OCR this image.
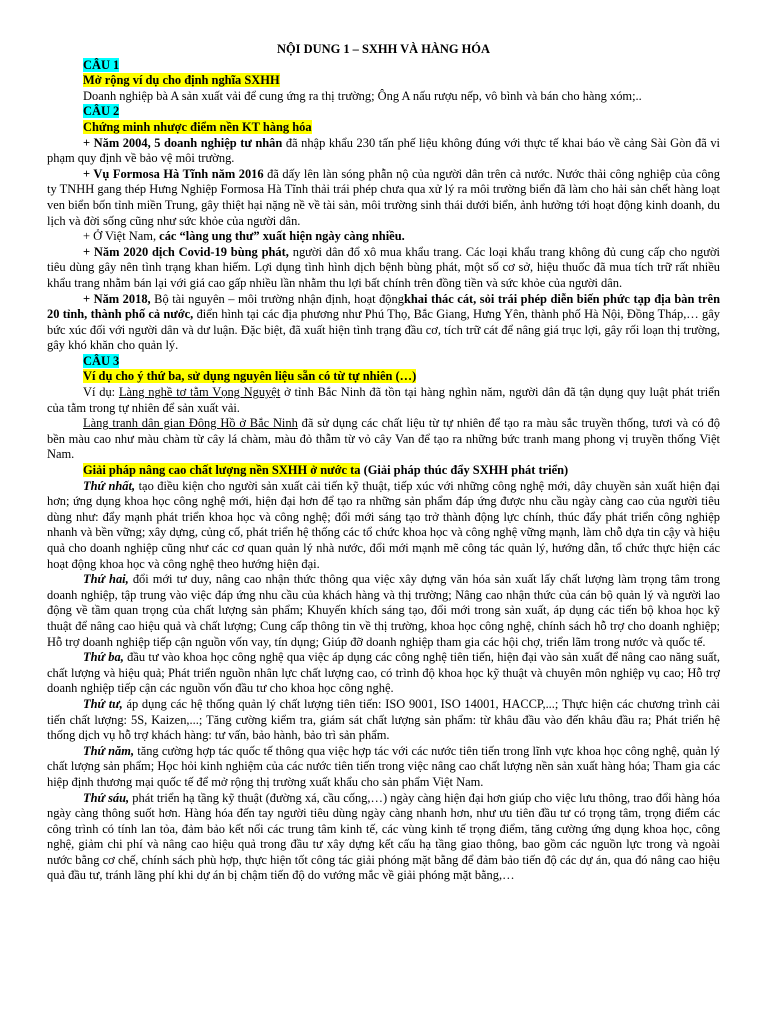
NỘI DUNG 1 – SXHH VÀ HÀNG HÓA

CÂU 1

Mở rộng ví dụ cho định nghĩa SXHH

Doanh nghiệp bà A sản xuất vải để cung ứng ra thị trường; Ông A nấu rượu nếp, vô bình và bán cho hàng xóm;..

CÂU 2

Chứng minh nhược điểm nền KT hàng hóa

+ Năm 2004, 5 doanh nghiệp tư nhân đã nhập khẩu 230 tấn phế liệu không đúng với thực tế khai báo về cảng Sài Gòn đã vi phạm quy định về bảo vệ môi trường.

+ Vụ Formosa Hà Tĩnh năm 2016 đã dấy lên làn sóng phẫn nộ của người dân trên cả nước. Nước thải công nghiệp của công ty TNHH gang thép Hưng Nghiệp Formosa Hà Tĩnh thải trái phép chưa qua xử lý ra môi trường biển đã làm cho hải sản chết hàng loạt ven biển bốn tỉnh miền Trung, gây thiệt hại nặng nề về tài sản, môi trường sinh thái dưới biển, ảnh hưởng tới hoạt động kinh doanh, du lịch và đời sống cũng như sức khỏe của người dân.

+ Ở Việt Nam, các “làng ung thư” xuất hiện ngày càng nhiều.

+ Năm 2020 dịch Covid-19 bùng phát, người dân đổ xô mua khẩu trang. Các loại khẩu trang không đủ cung cấp cho người tiêu dùng gây nên tình trạng khan hiếm. Lợi dụng tình hình dịch bệnh bùng phát, một số cơ sở, hiệu thuốc đã mua tích trữ rất nhiều khẩu trang nhằm bán lại với giá cao gấp nhiều lần nhằm thu lợi bất chính trên đồng tiền và sức khỏe của người dân.

+ Năm 2018, Bộ tài nguyên – môi trường nhận định, hoạt độngkhai thác cát, sỏi trái phép diễn biến phức tạp địa bàn trên 20 tỉnh, thành phố cả nước, điển hình tại các địa phương như Phú Thọ, Bắc Giang, Hưng Yên, thành phố Hà Nội, Đồng Tháp,… gây bức xúc đối với người dân và dư luận. Đặc biệt, đã xuất hiện tình trạng đầu cơ, tích trữ cát để nâng giá trục lợi, gây rối loạn thị trường, gây khó khăn cho quản lý.

CÂU 3

Ví dụ cho ý thứ ba, sử dụng nguyên liệu sẵn có từ tự nhiên (…)

Ví dụ: Làng nghề tơ tằm Vọng Nguyệt ở tỉnh Bắc Ninh đã tồn tại hàng nghìn năm, người dân đã tận dụng quy luật phát triển của tằm trong tự nhiên để sản xuất vải.

Làng tranh dân gian Đông Hồ ở Bắc Ninh đã sử dụng các chất liệu từ tự nhiên để tạo ra màu sắc truyền thống, tươi và có độ bền màu cao như màu chàm từ cây lá chàm, màu đỏ thẫm từ vỏ cây Van để tạo ra những bức tranh mang phong vị truyền thống Việt Nam.

Giải pháp nâng cao chất lượng nền SXHH ở nước ta (Giải pháp thúc đẩy SXHH phát triển)

Thứ nhất, tạo điều kiện cho người sản xuất cải tiến kỹ thuật, tiếp xúc với những công nghệ mới, dây chuyền sản xuất hiện đại hơn; ứng dụng khoa học công nghệ mới, hiện đại hơn để tạo ra những sản phẩm đáp ứng được nhu cầu ngày càng cao của người tiêu dùng như: đẩy mạnh phát triển khoa học và công nghệ; đổi mới sáng tạo trở thành động lực chính, thúc đẩy phát triển công nghiệp nhanh và bền vững; xây dựng, củng cố, phát triển hệ thống các tổ chức khoa học và công nghệ vững mạnh, làm chỗ dựa tin cậy và hiệu quả cho doanh nghiệp cũng như các cơ quan quản lý nhà nước, đổi mới mạnh mẽ công tác quản lý, hướng dẫn, tổ chức thực hiện các hoạt động khoa học và công nghệ theo hướng hiện đại.

Thứ hai, đổi mới tư duy, nâng cao nhận thức thông qua việc xây dựng văn hóa sản xuất lấy chất lượng làm trọng tâm trong doanh nghiệp, tập trung vào việc đáp ứng nhu cầu của khách hàng và thị trường; Nâng cao nhận thức của cán bộ quản lý và người lao động về tầm quan trọng của chất lượng sản phẩm; Khuyến khích sáng tạo, đổi mới trong sản xuất, áp dụng các tiến bộ khoa học kỹ thuật để nâng cao hiệu quả và chất lượng; Cung cấp thông tin về thị trường, khoa học công nghệ, chính sách hỗ trợ cho doanh nghiệp; Hỗ trợ doanh nghiệp tiếp cận nguồn vốn vay, tín dụng; Giúp đỡ doanh nghiệp tham gia các hội chợ, triển lãm trong nước và quốc tế.

Thứ ba, đầu tư vào khoa học công nghệ qua việc áp dụng các công nghệ tiên tiến, hiện đại vào sản xuất để nâng cao năng suất, chất lượng và hiệu quả; Phát triển nguồn nhân lực chất lượng cao, có trình độ khoa học kỹ thuật và chuyên môn nghiệp vụ cao; Hỗ trợ doanh nghiệp tiếp cận các nguồn vốn đầu tư cho khoa học công nghệ.

Thứ tư, áp dụng các hệ thống quản lý chất lượng tiên tiến: ISO 9001, ISO 14001, HACCP,...; Thực hiện các chương trình cải tiến chất lượng: 5S, Kaizen,...; Tăng cường kiểm tra, giám sát chất lượng sản phẩm: từ khâu đầu vào đến khâu đầu ra; Phát triển hệ thống dịch vụ hỗ trợ khách hàng: tư vấn, bảo hành, bảo trì sản phẩm.

Thứ năm, tăng cường hợp tác quốc tế thông qua việc hợp tác với các nước tiên tiến trong lĩnh vực khoa học công nghệ, quản lý chất lượng sản phẩm; Học hỏi kinh nghiệm của các nước tiên tiến trong việc nâng cao chất lượng nền sản xuất hàng hóa; Tham gia các hiệp định thương mại quốc tế để mở rộng thị trường xuất khẩu cho sản phẩm Việt Nam.

Thứ sáu, phát triển hạ tầng kỹ thuật (đường xá, cầu cống,…) ngày càng hiện đại hơn giúp cho việc lưu thông, trao đổi hàng hóa ngày càng thông suốt hơn. Hàng hóa đến tay người tiêu dùng ngày càng nhanh hơn, như ưu tiên đầu tư có trọng tâm, trọng điểm các công trình có tính lan tỏa, đảm bảo kết nối các trung tâm kinh tế, các vùng kinh tế trọng điểm, tăng cường ứng dụng khoa học, công nghệ, giảm chi phí và nâng cao hiệu quả trong đầu tư xây dựng kết cấu hạ tầng giao thông, bao gồm các nguồn lực trong và ngoài nước bằng cơ chế, chính sách phù hợp, thực hiện tốt công tác giải phóng mặt bằng để đảm bảo tiến độ các dự án, qua đó nâng cao hiệu quả đầu tư, tránh lãng phí khi dự án bị chậm tiến độ do vướng mắc về giải phóng mặt bằng,…
